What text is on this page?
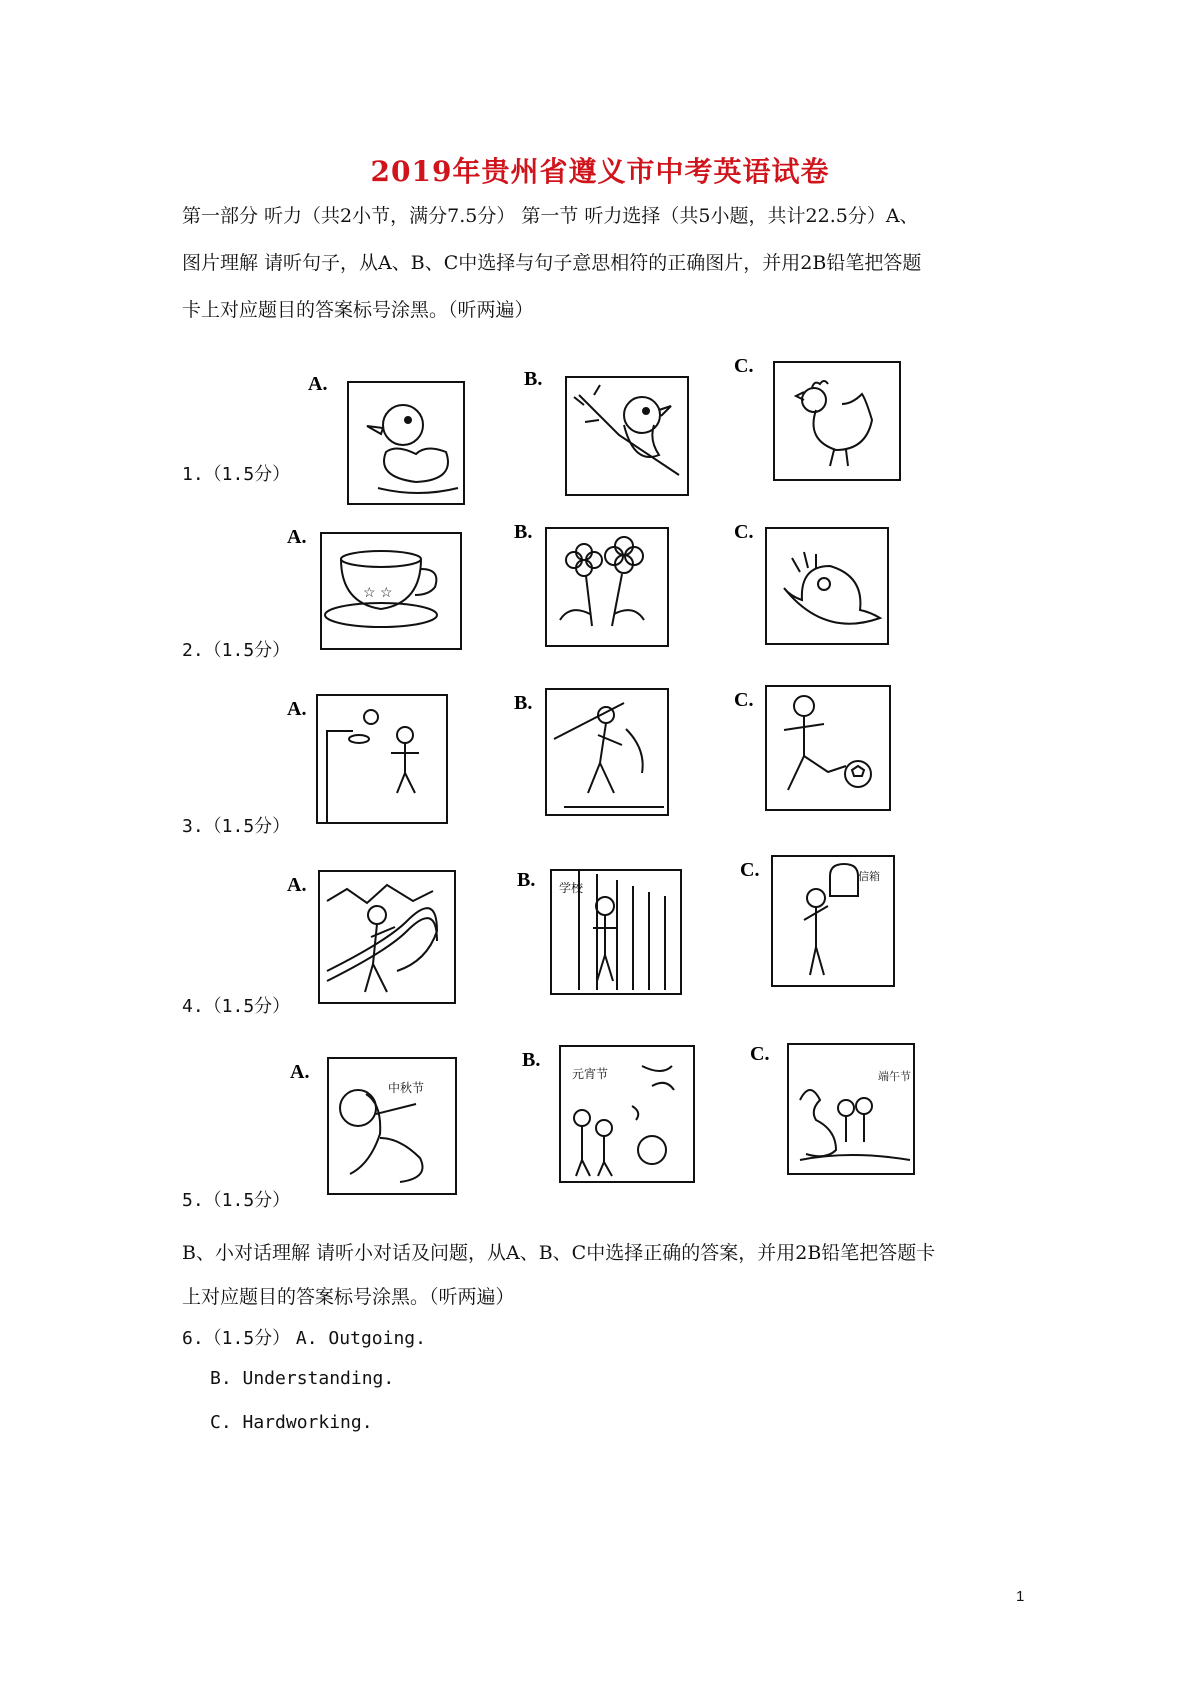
2019年贵州省遵义市中考英语试卷
第一部分 听力（共2小节，满分7.5分） 第一节 听力选择（共5小题，共计22.5分）A、
图片理解 请听句子，从A、B、C中选择与句子意思相符的正确图片，并用2B铅笔把答题
卡上对应题目的答案标号涂黑。（听两遍）
1.（1.5分）
A.	B.
C.
2.（1.5分）
A.
☆ ☆
B.	C.
3.（1.5分）
A.	B.	C.
4.（1.5分）
A.	B. 学校
C.	信箱
5.（1.5分）
A.
中秋节
B.
元宵节
C.
端午节
B、小对话理解 请听小对话及问题，从A、B、C中选择正确的答案，并用2B铅笔把答题卡
上对应题目的答案标号涂黑。（听两遍）
6.（1.5分） A. Outgoing.
B. Understanding.
C. Hardworking.
1
